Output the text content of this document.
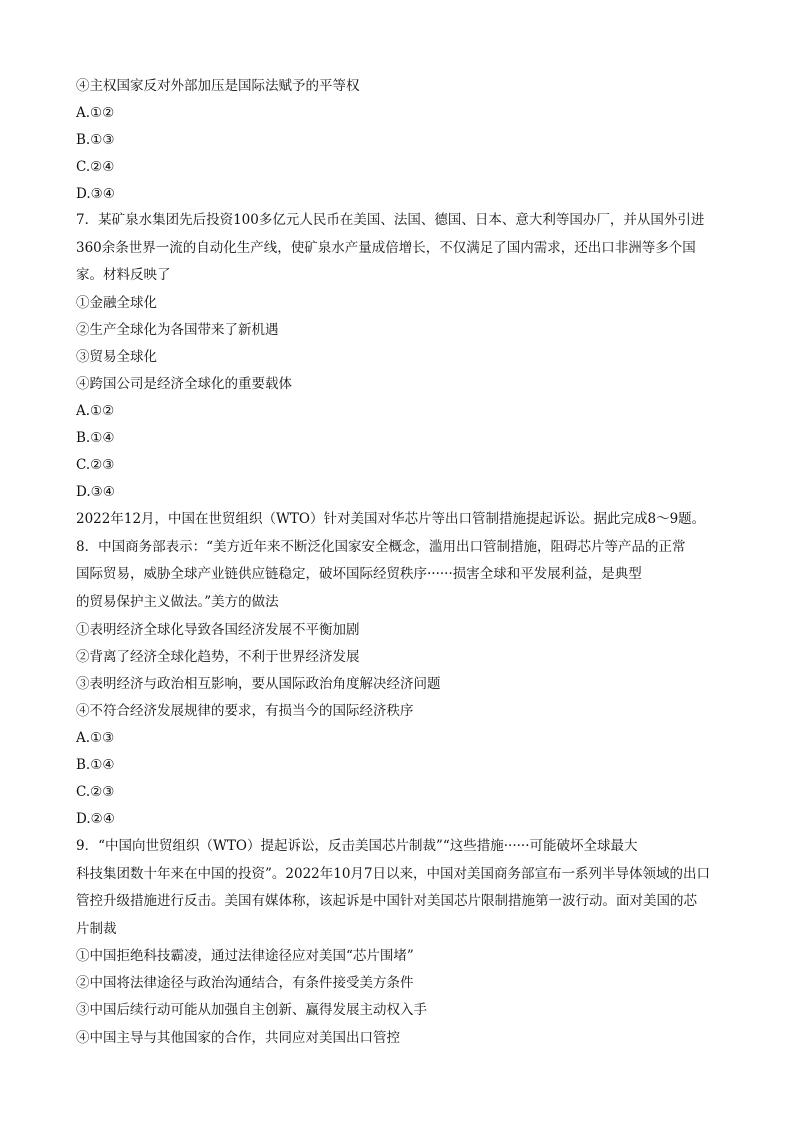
④主权国家反对外部加压是国际法赋予的平等权
A.①②
B.①③
C.②④
D.③④
7．某矿泉水集团先后投资100多亿元人民币在美国、法国、德国、日本、意大利等国办厂，并从国外引进
360余条世界一流的自动化生产线，使矿泉水产量成倍增长，不仅满足了国内需求，还出口非洲等多个国
家。材料反映了
①金融全球化
②生产全球化为各国带来了新机遇
③贸易全球化
④跨国公司是经济全球化的重要载体
A.①②
B.①④
C.②③
D.③④
2022年12月，中国在世贸组织（WTO）针对美国对华芯片等出口管制措施提起诉讼。据此完成8～9题。
8．中国商务部表示：“美方近年来不断泛化国家安全概念，滥用出口管制措施，阻碍芯片等产品的正常
国际贸易，威胁全球产业链供应链稳定，破坏国际经贸秩序······损害全球和平发展利益，是典型
的贸易保护主义做法。”美方的做法
①表明经济全球化导致各国经济发展不平衡加剧
②背离了经济全球化趋势，不利于世界经济发展
③表明经济与政治相互影响，要从国际政治角度解决经济问题
④不符合经济发展规律的要求，有损当今的国际经济秩序
A.①③
B.①④
C.②③
D.②④
9．“中国向世贸组织（WTO）提起诉讼，反击美国芯片制裁”“这些措施······可能破坏全球最大
科技集团数十年来在中国的投资”。2022年10月7日以来，中国对美国商务部宣布一系列半导体领域的出口
管控升级措施进行反击。美国有媒体称，该起诉是中国针对美国芯片限制措施第一波行动。面对美国的芯
片制裁
①中国拒绝科技霸凌，通过法律途径应对美国“芯片围堵”
②中国将法律途径与政治沟通结合，有条件接受美方条件
③中国后续行动可能从加强自主创新、赢得发展主动权入手
④中国主导与其他国家的合作，共同应对美国出口管控
